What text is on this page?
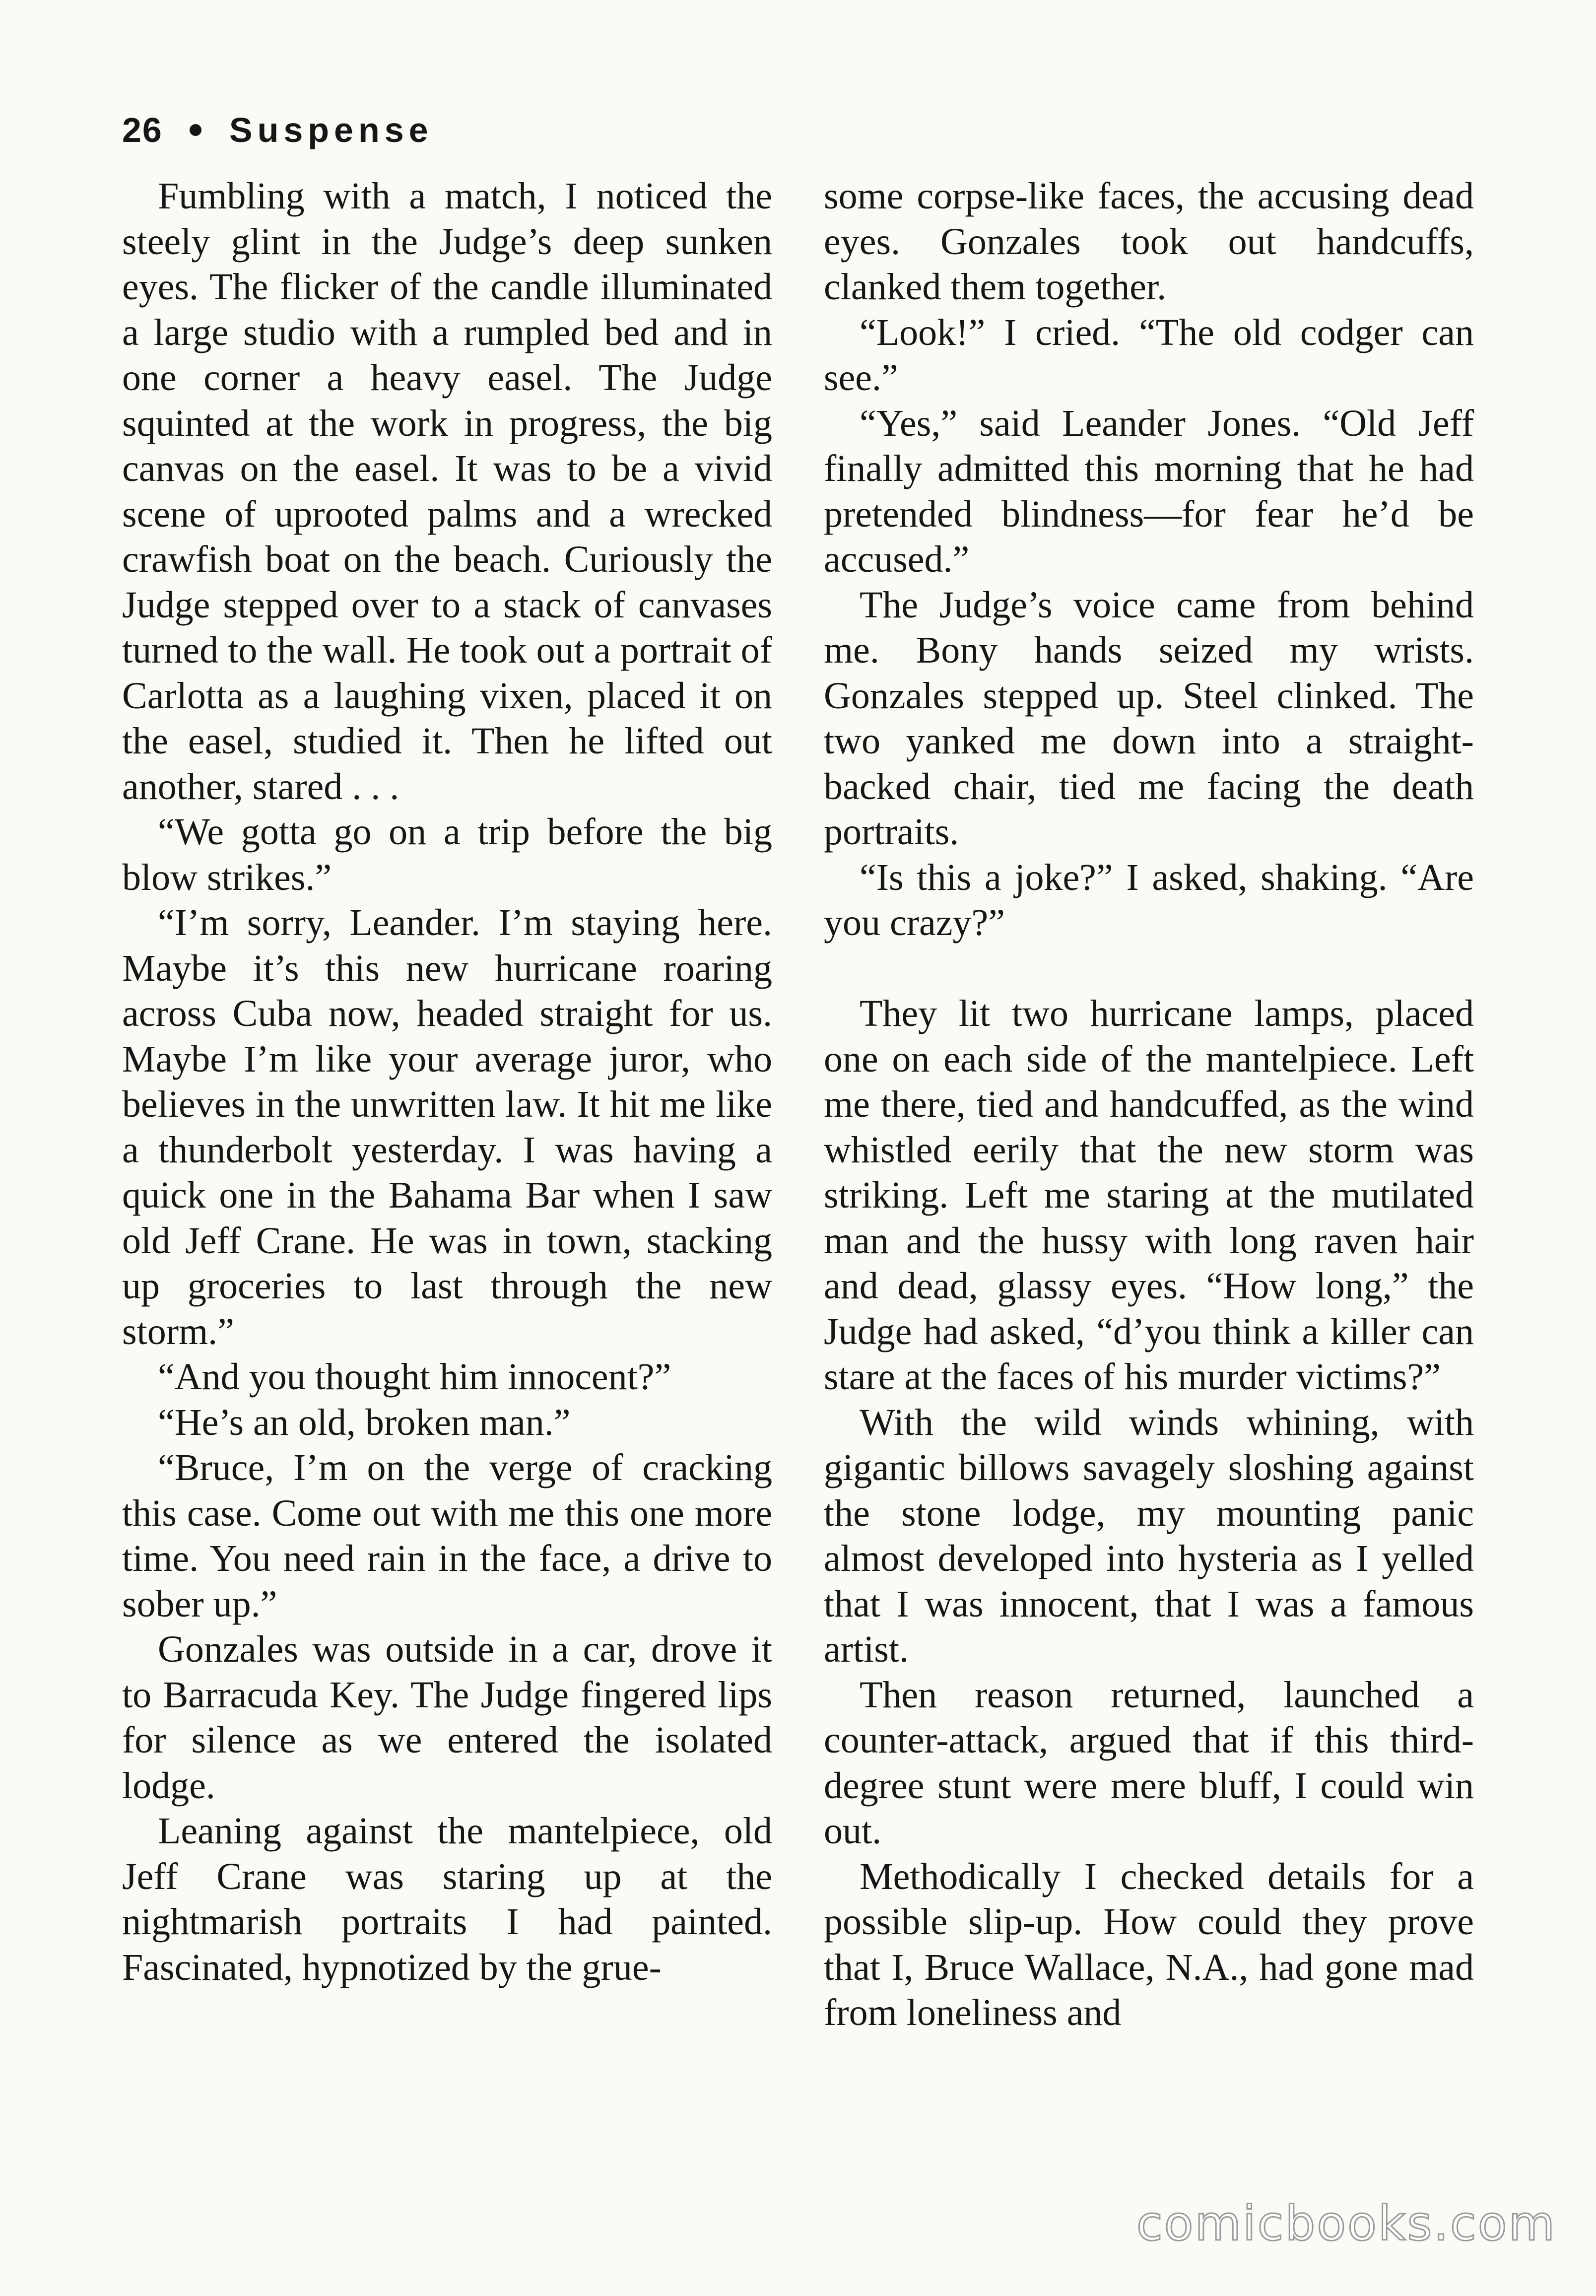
26 Suspense

Fumbling with a match, I noticed the steely glint in the Judge’s deep sunken eyes. The flicker of the candle illuminated a large studio with a rumpled bed and in one corner a heavy easel. The Judge squinted at the work in progress, the big canvas on the easel. It was to be a vivid scene of uprooted palms and a wrecked crawfish boat on the beach. Curiously the Judge stepped over to a stack of canvases turned to the wall. He took out a portrait of Carlotta as a laughing vixen, placed it on the easel, studied it. Then he lifted out another, stared . . .

“We gotta go on a trip before the big blow strikes.”

“I’m sorry, Leander. I’m staying here. Maybe it’s this new hurricane roaring across Cuba now, headed straight for us. Maybe I’m like your average juror, who believes in the unwritten law. It hit me like a thunderbolt yesterday. I was having a quick one in the Bahama Bar when I saw old Jeff Crane. He was in town, stacking up groceries to last through the new storm.”

“And you thought him innocent?”

“He’s an old, broken man.”

“Bruce, I’m on the verge of cracking this case. Come out with me this one more time. You need rain in the face, a drive to sober up.”

Gonzales was outside in a car, drove it to Barracuda Key. The Judge fingered lips for silence as we entered the isolated lodge.

Leaning against the mantelpiece, old Jeff Crane was staring up at the nightmarish portraits I had painted. Fascinated, hypnotized by the grue-

some corpse-like faces, the accusing dead eyes. Gonzales took out handcuffs, clanked them together.

“Look!” I cried. “The old codger can see.”

“Yes,” said Leander Jones. “Old Jeff finally admitted this morning that he had pretended blindness—for fear he’d be accused.”

The Judge’s voice came from behind me. Bony hands seized my wrists. Gonzales stepped up. Steel clinked. The two yanked me down into a straight-backed chair, tied me facing the death portraits.

“Is this a joke?” I asked, shaking. “Are you crazy?”

They lit two hurricane lamps, placed one on each side of the mantelpiece. Left me there, tied and handcuffed, as the wind whistled eerily that the new storm was striking. Left me staring at the mutilated man and the hussy with long raven hair and dead, glassy eyes. “How long,” the Judge had asked, “d’you think a killer can stare at the faces of his murder victims?”

With the wild winds whining, with gigantic billows savagely sloshing against the stone lodge, my mounting panic almost developed into hysteria as I yelled that I was innocent, that I was a famous artist.

Then reason returned, launched a counter-attack, argued that if this third-degree stunt were mere bluff, I could win out.

Methodically I checked details for a possible slip-up. How could they prove that I, Bruce Wallace, N.A., had gone mad from loneliness and

comicbooks.com
